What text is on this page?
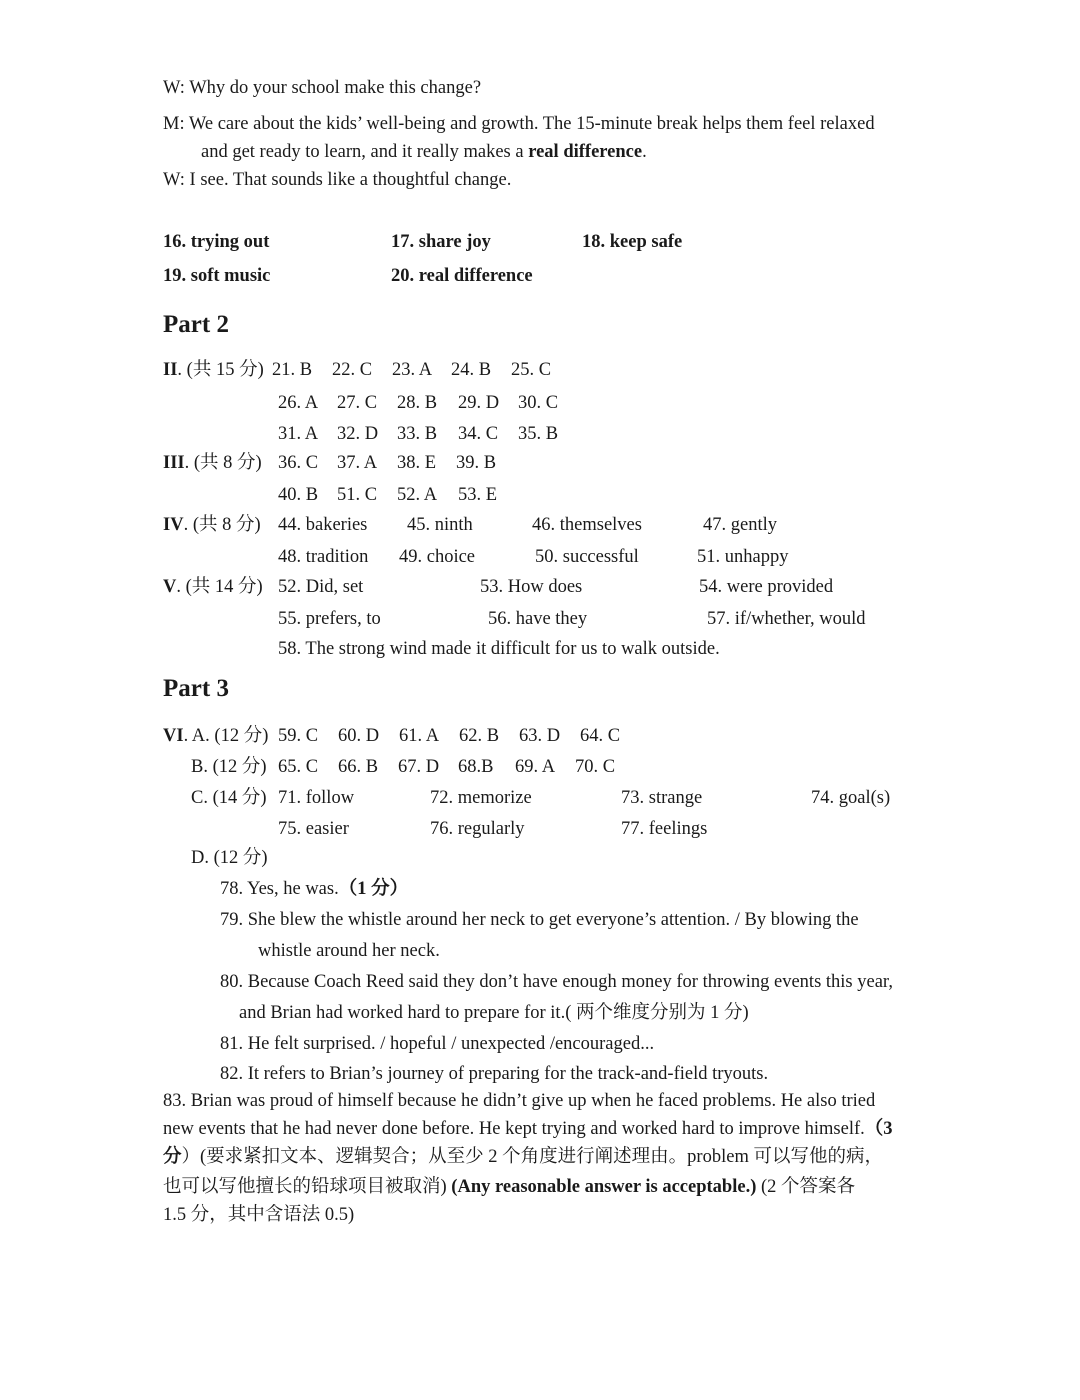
W: Why do your school make this change?
M: We care about the kids’ well-being and growth. The 15-minute break helps them feel relaxed
and get ready to learn, and it really makes a real difference.
W: I see. That sounds like a thoughtful change.
16. trying out	17. share joy	18. keep safe
19. soft music	20. real difference
Part 2
II. (共 15 分) 21. B 22. C 23. A 24. B 25. C
26. A 27. C 28. B 29. D 30. C
31. A 32. D 33. B 34. C 35. B
III. (共 8 分) 36. C 37. A 38. E 39. B
40. B 51. C 52. A 53. E
IV. (共 8 分) 44. bakeries 45. ninth	46. themselves	47. gently
48. tradition 49. choice	50. successful	51. unhappy
V. (共 14 分) 52. Did, set	53. How does	54. were provided
55. prefers, to	56. have they	57. if/whether, would
58. The strong wind made it difficult for us to walk outside.
Part 3
VI. A. (12 分) 59. C 60. D 61. A 62. B 63. D 64. C
B. (12 分) 65. C 66. B 67. D 68.B 69. A 70. C
C. (14 分) 71. follow	72. memorize	73. strange	74. goal(s)
75. easier	76. regularly	77. feelings
D. (12 分)
78. Yes, he was.（1 分）
79. She blew the whistle around her neck to get everyone’s attention. / By blowing the
whistle around her neck.
80. Because Coach Reed said they don’t have enough money for throwing events this year,
and Brian had worked hard to prepare for it.( 两个维度分别为 1 分)
81. He felt surprised. / hopeful / unexpected /encouraged...
82. It refers to Brian’s journey of preparing for the track-and-field tryouts.
83. Brian was proud of himself because he didn’t give up when he faced problems. He also tried
new events that he had never done before. He kept trying and worked hard to improve himself.（3
分）(要求紧扣文本、逻辑契合；从至少 2 个角度进行阐述理由。problem 可以写他的病，
也可以写他擅长的铅球项目被取消) (Any reasonable answer is acceptable.) (2 个答案各
1.5 分，其中含语法 0.5)
